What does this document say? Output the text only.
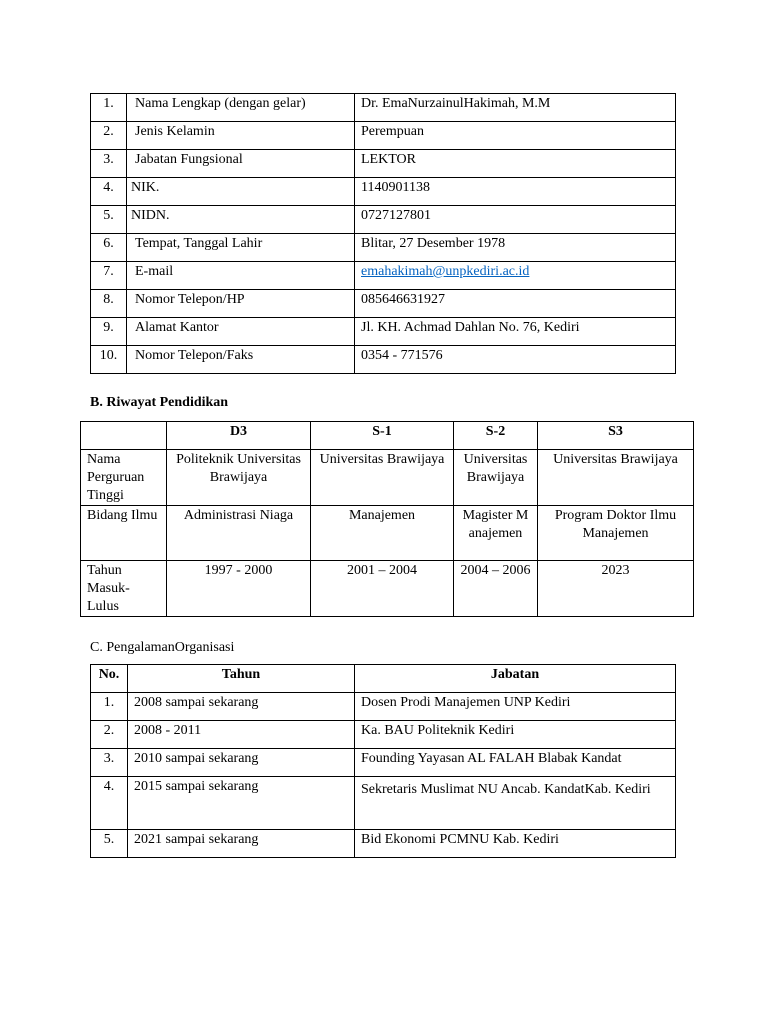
1.	Nama Lengkap (dengan gelar)	Dr. EmaNurzainulHakimah, M.M
2.	Jenis Kelamin	Perempuan
3.	Jabatan Fungsional	LEKTOR
4.	NIK.	1140901138
5.	NIDN.	0727127801
6.	Tempat, Tanggal Lahir	Blitar, 27 Desember 1978
7.	E-mail	emahakimah@unpkediri.ac.id
8.	Nomor Telepon/HP	085646631927
9.	Alamat Kantor	Jl. KH. Achmad Dahlan No. 76, Kediri
10.	Nomor Telepon/Faks	0354 - 771576

B. Riwayat Pendidikan

	D3	S-1	S-2	S3
Nama Perguruan Tinggi	Politeknik Universitas Brawijaya	Universitas Brawijaya	Universitas Brawijaya	Universitas Brawijaya
Bidang Ilmu	Administrasi Niaga	Manajemen	Magister Manajemen	Program Doktor Ilmu Manajemen
Tahun Masuk-Lulus	1997 - 2000	2001 – 2004	2004 – 2006	2023

C. PengalamanOrganisasi

No.	Tahun	Jabatan
1.	2008 sampai sekarang	Dosen Prodi Manajemen UNP Kediri
2.	2008 - 2011	Ka. BAU Politeknik Kediri
3.	2010 sampai sekarang	Founding Yayasan AL FALAH Blabak Kandat
4.	2015 sampai sekarang	Sekretaris Muslimat NU Ancab. KandatKab. Kediri
5.	2021 sampai sekarang	Bid Ekonomi PCMNU Kab. Kediri
